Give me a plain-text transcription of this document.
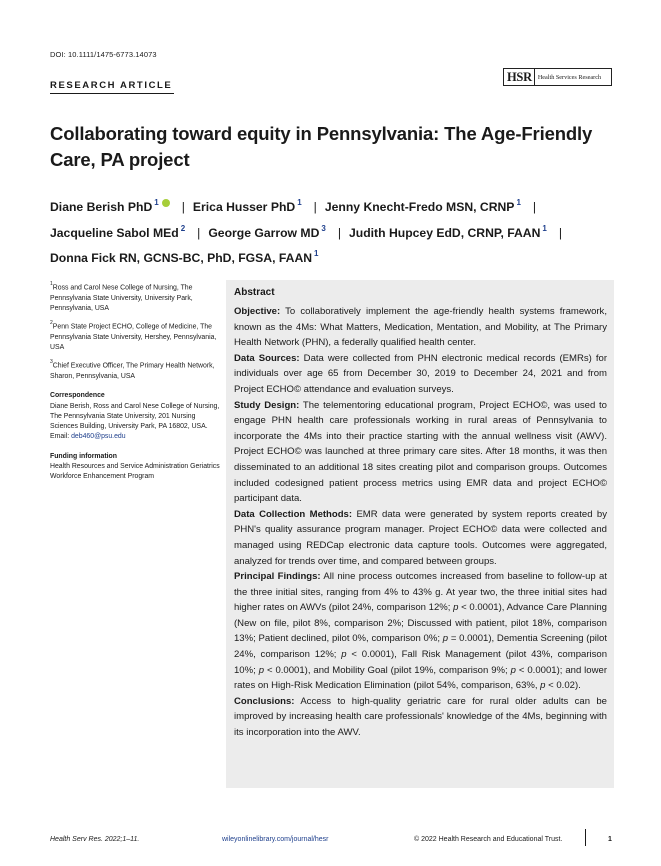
DOI: 10.1111/1475-6773.14073
RESEARCH ARTICLE
HSR Health Services Research
Collaborating toward equity in Pennsylvania: The Age-Friendly Care, PA project
Diane Berish PhD $^1$ | Erica Husser PhD $^1$ | Jenny Knecht-Fredo MSN, CRNP $^1$ |
Jacqueline Sabol MEd $^2$ | George Garrow MD $^3$ | Judith Hupcey EdD, CRNP, FAAN $^1$ |
Donna Fick RN, GCNS-BC, PhD, FGSA, FAAN $^1$
$^1$Ross and Carol Nese College of Nursing, The Pennsylvania State University, University Park, Pennsylvania, USA
$^2$Penn State Project ECHO, College of Medicine, The Pennsylvania State University, Hershey, Pennsylvania, USA
$^3$Chief Executive Officer, The Primary Health Network, Sharon, Pennsylvania, USA
Correspondence
Diane Berish, Ross and Carol Nese College of Nursing, The Pennsylvania State University, 201 Nursing Sciences Building, University Park, PA 16802, USA.
Email: deb460@psu.edu
Funding information
Health Resources and Service Administration Geriatrics Workforce Enhancement Program
Abstract

Objective: To collaboratively implement the age-friendly health systems framework, known as the 4Ms: What Matters, Medication, Mentation, and Mobility, at The Primary Health Network (PHN), a federally qualified health center.

Data Sources: Data were collected from PHN electronic medical records (EMRs) for individuals over age 65 from December 30, 2019 to December 24, 2021 and from Project ECHO© attendance and evaluation surveys.

Study Design: The telementoring educational program, Project ECHO©, was used to engage PHN health care professionals working in rural areas of Pennsylvania to incorporate the 4Ms into their practice starting with the annual wellness visit (AWV). Project ECHO© was launched at three primary care sites. After 18 months, it was then disseminated to an additional 18 sites creating pilot and comparison groups. Outcomes included codesigned patient process metrics using EMR data and project ECHO© participant data.

Data Collection Methods: EMR data were generated by system reports created by PHN's quality assurance program manager. Project ECHO© data were collected and managed using REDCap electronic data capture tools. Outcomes were aggregated, analyzed for trends over time, and compared between groups.

Principal Findings: All nine process outcomes increased from baseline to follow-up at the three initial sites, ranging from 4% to 43% g. At year two, the three initial sites had higher rates on AWVs (pilot 24%, comparison 12%; p < 0.0001), Advance Care Planning (New on file, pilot 8%, comparison 2%; Discussed with patient, pilot 18%, comparison 13%; Patient declined, pilot 0%, comparison 0%; p = 0.0001), Dementia Screening (pilot 24%, comparison 12%; p < 0.0001), Fall Risk Management (pilot 43%, comparison 10%; p < 0.0001), and Mobility Goal (pilot 19%, comparison 9%; p < 0.0001); and lower rates on High-Risk Medication Elimination (pilot 54%, comparison, 63%, p < 0.02).

Conclusions: Access to high-quality geriatric care for rural older adults can be improved by increasing health care professionals' knowledge of the 4Ms, beginning with its incorporation into the AWV.

Health Serv Res. 2022;1–11.	wileyonlinelibrary.com/journal/hesr	© 2022 Health Research and Educational Trust.	1
